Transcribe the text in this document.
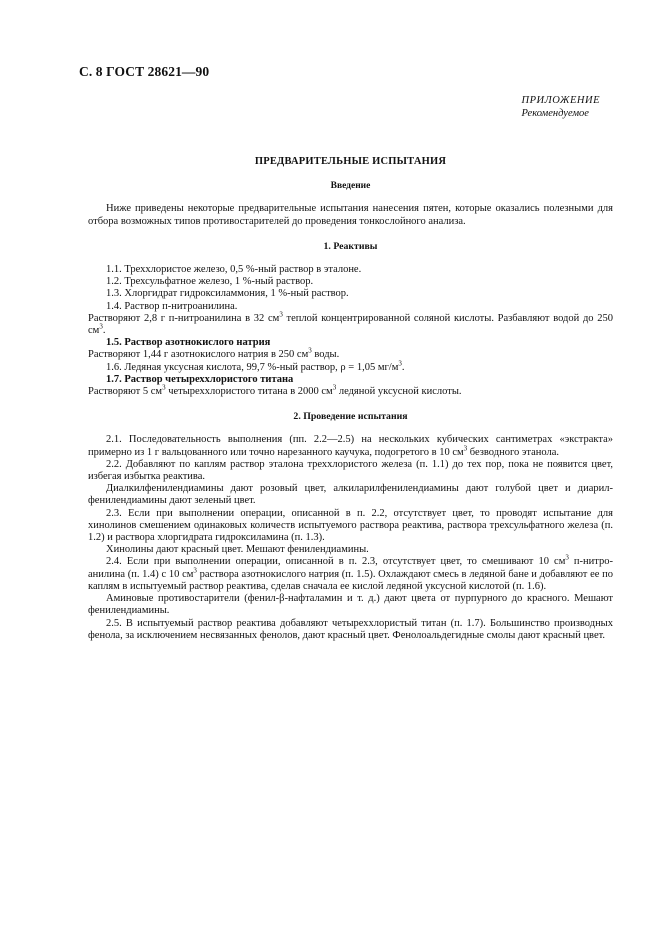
С. 8 ГОСТ 28621—90
ПРИЛОЖЕНИЕ
Рекомендуемое

ПРЕДВАРИТЕЛЬНЫЕ ИСПЫТАНИЯ

Введение

Ниже приведены некоторые предварительные испытания нанесения пятен, которые оказались полезными для отбора возможных типов противостарителей до проведения тонкослойного анализа.

1. Реактивы

1.1. Треххлористое железо, 0,5 %-ный раствор в эталоне.

1.2. Трехсульфатное железо, 1 %-ный раствор.

1.3. Хлоргидрат гидроксиламмония, 1 %-ный раствор.

1.4. Раствор п-нитроанилина.

Растворяют 2,8 г п-нитроанилина в 32 $см^3$ теплой концентрированной соляной кислоты. Разбавляют водой до 250 $см^3$.

1.5. Раствор азотнокислого натрия

Растворяют 1,44 г азотнокислого натрия в 250 $см^3$ воды.

1.6. Ледяная уксусная кислота, 99,7 %-ный раствор, ρ = 1,05 $мг/м^3$.

1.7. Раствор четыреххлористого титана

Растворяют 5 $см^3$ четыреххлористого титана в 2000 $см^3$ ледяной уксусной кислоты.

2. Проведение испытания

2.1. Последовательность выполнения (пп. 2.2—2.5) на нескольких кубических сантиметрах «экстракта» примерно из 1 г вальцованного или точно нарезанного каучука, подогретого в 10 $см^3$ безводного этанола.

2.2. Добавляют по каплям раствор эталона треххлористого железа (п. 1.1) до тех пор, пока не появится цвет, избегая избытка реактива.

Диалкилфенилендиамины дают розовый цвет, алкиларилфенилендиамины дают голубой цвет и диарил-фенилендиамины дают зеленый цвет.

2.3. Если при выполнении операции, описанной в п. 2.2, отсутствует цвет, то проводят испытание для хинолинов смешением одинаковых количеств испытуемого раствора реактива, раствора трехсульфатного железа (п. 1.2) и раствора хлоргидрата гидроксиламина (п. 1.3).

Хинолины дают красный цвет. Мешают фенилендиамины.

2.4. Если при выполнении операции, описанной в п. 2.3, отсутствует цвет, то смешивают 10 $см^3$ п-нитро-анилина (п. 1.4) с 10 $см^3$ раствора азотнокислого натрия (п. 1.5). Охлаждают смесь в ледяной бане и добавляют ее по каплям в испытуемый раствор реактива, сделав сначала ее кислой ледяной уксусной кислотой (п. 1.6).

Аминовые противостарители (фенил-β-нафталамин и т. д.) дают цвета от пурпурного до красного. Мешают фенилендиамины.

2.5. В испытуемый раствор реактива добавляют четыреххлористый титан (п. 1.7). Большинство производных фенола, за исключением несвязанных фенолов, дают красный цвет. Фенолоальдегидные смолы дают красный цвет.
